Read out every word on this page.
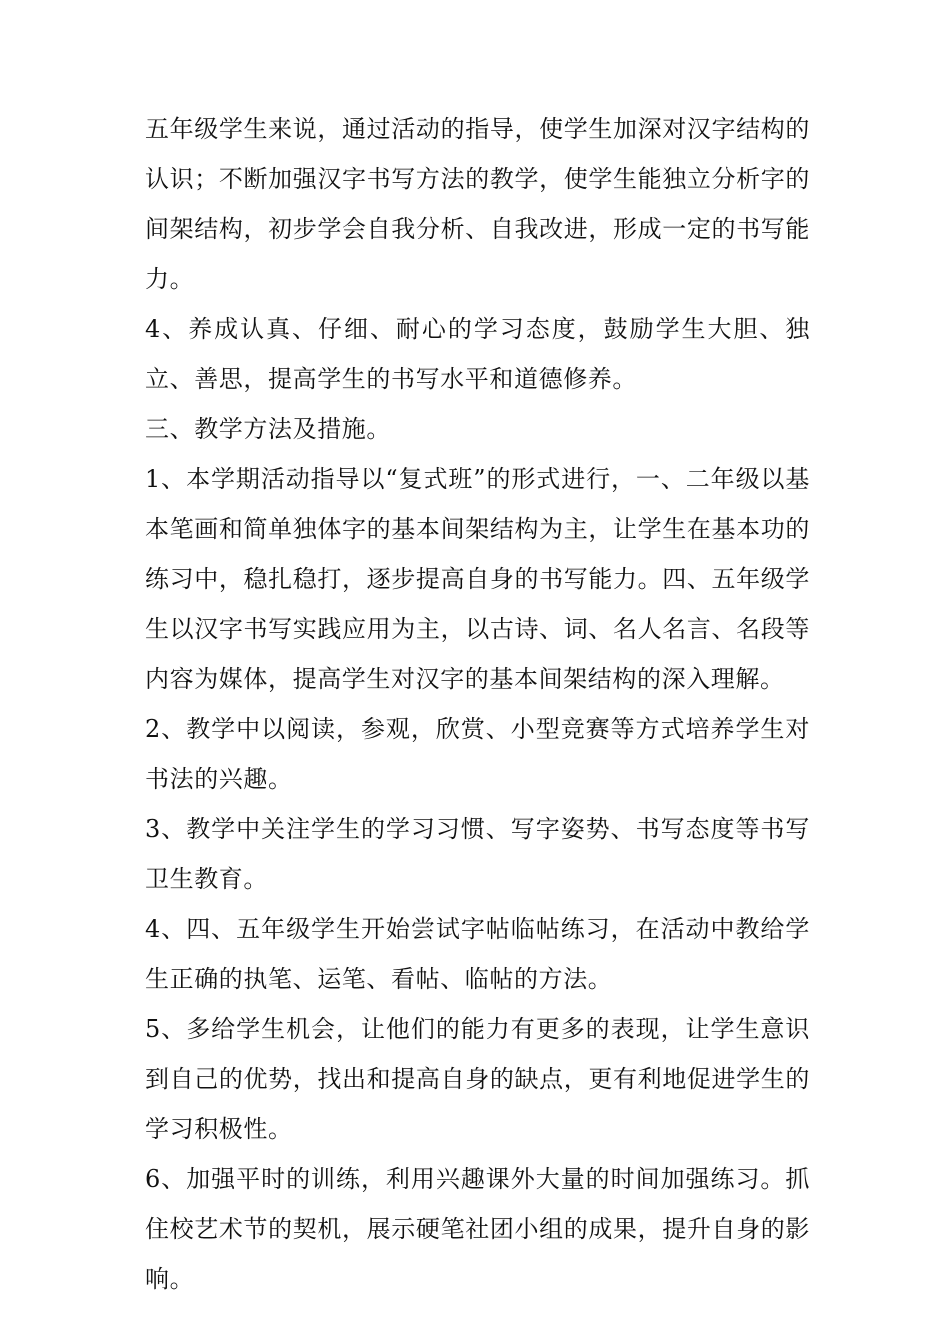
五年级学生来说，通过活动的指导，使学生加深对汉字结构的认识；不断加强汉字书写方法的教学，使学生能独立分析字的间架结构，初步学会自我分析、自我改进，形成一定的书写能力。

4、养成认真、仔细、耐心的学习态度，鼓励学生大胆、独立、善思，提高学生的书写水平和道德修养。

三、教学方法及措施。

1、本学期活动指导以“复式班”的形式进行，一、二年级以基本笔画和简单独体字的基本间架结构为主，让学生在基本功的练习中，稳扎稳打，逐步提高自身的书写能力。四、五年级学生以汉字书写实践应用为主，以古诗、词、名人名言、名段等内容为媒体，提高学生对汉字的基本间架结构的深入理解。

2、教学中以阅读，参观，欣赏、小型竞赛等方式培养学生对书法的兴趣。

3、教学中关注学生的学习习惯、写字姿势、书写态度等书写卫生教育。

4、四、五年级学生开始尝试字帖临帖练习，在活动中教给学生正确的执笔、运笔、看帖、临帖的方法。

5、多给学生机会，让他们的能力有更多的表现，让学生意识到自己的优势，找出和提高自身的缺点，更有利地促进学生的学习积极性。

6、加强平时的训练，利用兴趣课外大量的时间加强练习。抓住校艺术节的契机，展示硬笔社团小组的成果，提升自身的影响。
